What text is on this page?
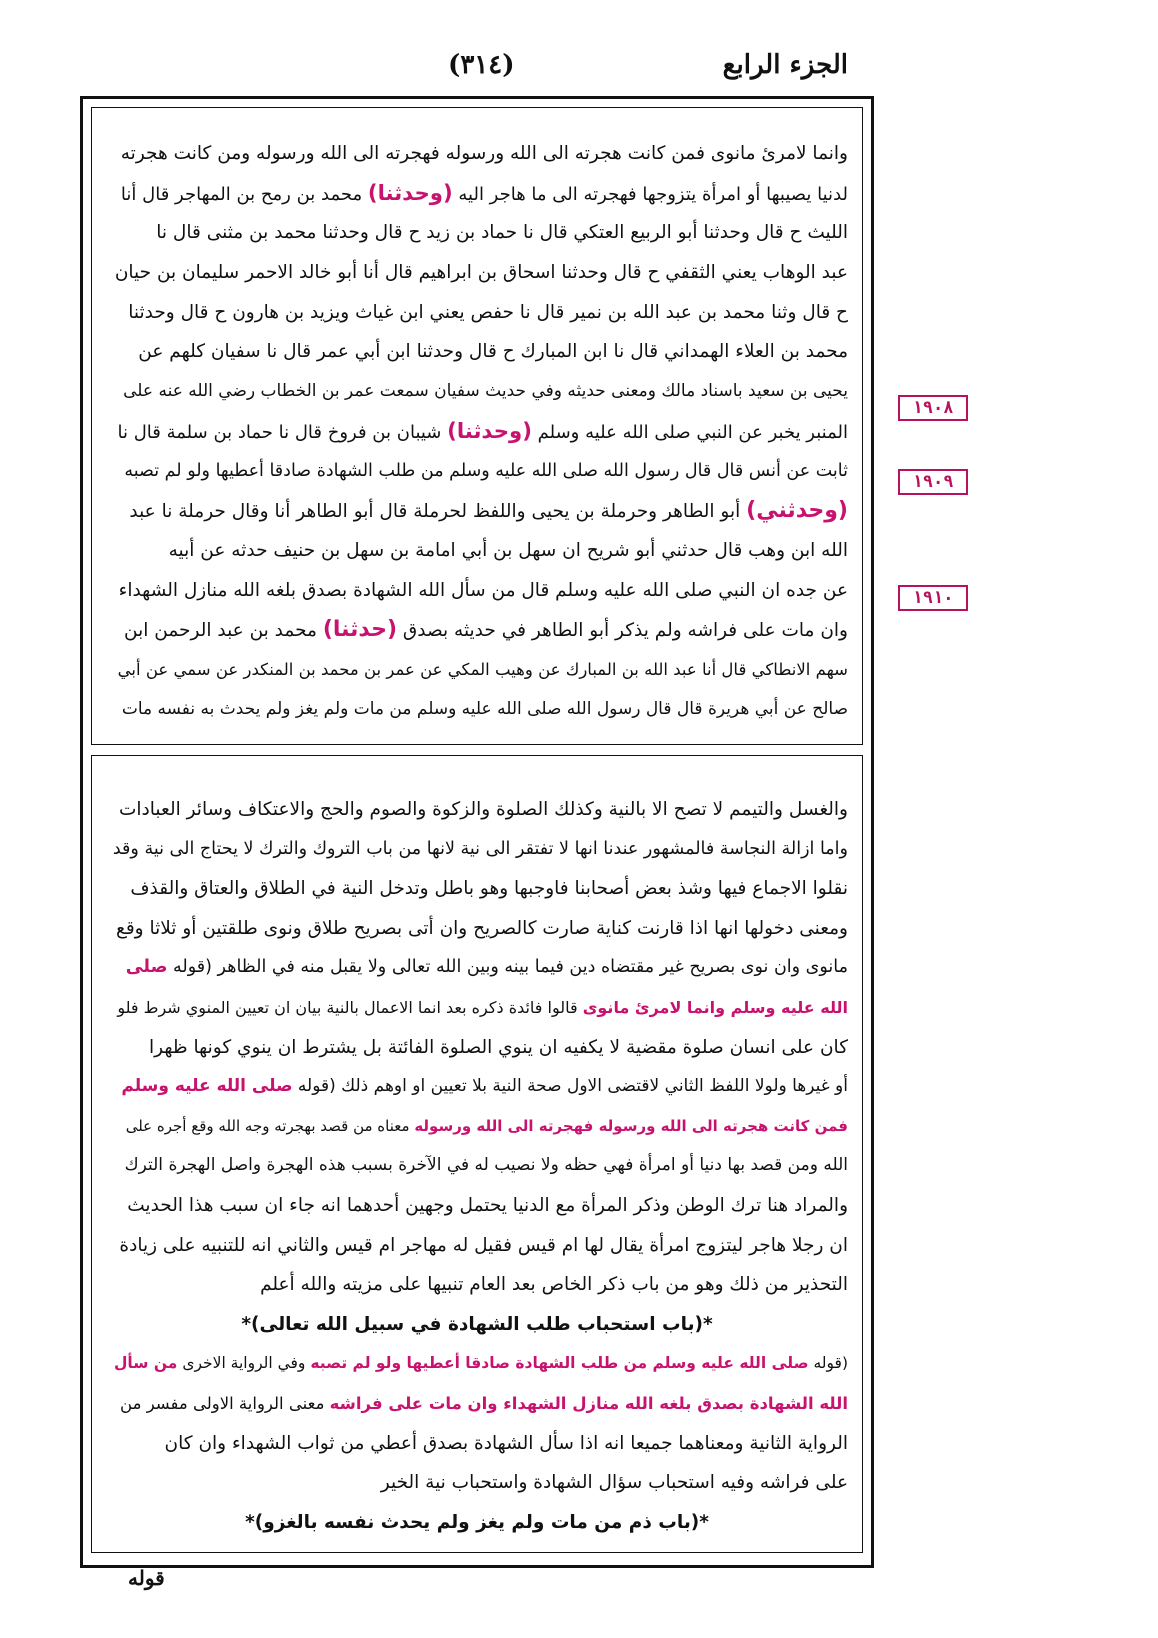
الجزء الرابع
(٣١٤)
وانما لامرئ مانوى فمن كانت هجرته الى الله ورسوله فهجرته الى الله ورسوله ومن كانت هجرته
لدنيا يصيبها أو امرأة يتزوجها فهجرته الى ما هاجر اليه (وحدثنا) محمد بن رمح بن المهاجر قال أنا
الليث ح قال وحدثنا أبو الربيع العتكي قال نا حماد بن زيد ح قال وحدثنا محمد بن مثنى قال نا
عبد الوهاب يعني الثقفي ح قال وحدثنا اسحاق بن ابراهيم قال أنا أبو خالد الاحمر سليمان بن حيان
ح قال وثنا محمد بن عبد الله بن نمير قال نا حفص يعني ابن غياث ويزيد بن هارون ح قال وحدثنا
محمد بن العلاء الهمداني قال نا ابن المبارك ح قال وحدثنا ابن أبي عمر قال نا سفيان كلهم عن
يحيى بن سعيد باسناد مالك ومعنى حديثه وفي حديث سفيان سمعت عمر بن الخطاب رضي الله عنه على
المنبر يخبر عن النبي صلى الله عليه وسلم (وحدثنا) شيبان بن فروخ قال نا حماد بن سلمة قال نا
ثابت عن أنس قال قال رسول الله صلى الله عليه وسلم من طلب الشهادة صادقا أعطيها ولو لم تصبه
(وحدثني) أبو الطاهر وحرملة بن يحيى واللفظ لحرملة قال أبو الطاهر أنا وقال حرملة نا عبد
الله ابن وهب قال حدثني أبو شريح ان سهل بن أبي امامة بن سهل بن حنيف حدثه عن أبيه
عن جده ان النبي صلى الله عليه وسلم قال من سأل الله الشهادة بصدق بلغه الله منازل الشهداء
وان مات على فراشه ولم يذكر أبو الطاهر في حديثه بصدق (حدثنا) محمد بن عبد الرحمن ابن
سهم الانطاكي قال أنا عبد الله بن المبارك عن وهيب المكي عن عمر بن محمد بن المنكدر عن سمي عن أبي
صالح عن أبي هريرة قال قال رسول الله صلى الله عليه وسلم من مات ولم يغز ولم يحدث به نفسه مات
والغسل والتيمم لا تصح الا بالنية وكذلك الصلوة والزكوة والصوم والحج والاعتكاف وسائر العبادات
واما ازالة النجاسة فالمشهور عندنا انها لا تفتقر الى نية لانها من باب التروك والترك لا يحتاج الى نية وقد
نقلوا الاجماع فيها وشذ بعض أصحابنا فاوجبها وهو باطل وتدخل النية في الطلاق والعتاق والقذف
ومعنى دخولها انها اذا قارنت كناية صارت كالصريح وان أتى بصريح طلاق ونوى طلقتين أو ثلاثا وقع
مانوى وان نوى بصريح غير مقتضاه دين فيما بينه وبين الله تعالى ولا يقبل منه في الظاهر (قوله صلى
الله عليه وسلم وانما لامرئ مانوى قالوا فائدة ذكره بعد انما الاعمال بالنية بيان ان تعيين المنوي شرط فلو
كان على انسان صلوة مقضية لا يكفيه ان ينوي الصلوة الفائتة بل يشترط ان ينوي كونها ظهرا
أو غيرها ولولا اللفظ الثاني لاقتضى الاول صحة النية بلا تعيين او اوهم ذلك (قوله صلى الله عليه وسلم
فمن كانت هجرته الى الله ورسوله فهجرته الى الله ورسوله معناه من قصد بهجرته وجه الله وقع أجره على
الله ومن قصد بها دنيا أو امرأة فهي حظه ولا نصيب له في الآخرة بسبب هذه الهجرة واصل الهجرة الترك
والمراد هنا ترك الوطن وذكر المرأة مع الدنيا يحتمل وجهين أحدهما انه جاء ان سبب هذا الحديث
ان رجلا هاجر ليتزوج امرأة يقال لها ام قيس فقيل له مهاجر ام قيس والثاني انه للتنبيه على زيادة
التحذير من ذلك وهو من باب ذكر الخاص بعد العام تنبيها على مزيته والله أعلم
*(باب استحباب طلب الشهادة في سبيل الله تعالى)*
(قوله صلى الله عليه وسلم من طلب الشهادة صادقا أعطيها ولو لم تصبه وفي الرواية الاخرى من سأل
الله الشهادة بصدق بلغه الله منازل الشهداء وان مات على فراشه معنى الرواية الاولى مفسر من
الرواية الثانية ومعناهما جميعا انه اذا سأل الشهادة بصدق أعطي من ثواب الشهداء وان كان
على فراشه وفيه استحباب سؤال الشهادة واستحباب نية الخير
*(باب ذم من مات ولم يغز ولم يحدث نفسه بالغزو)*
١٩٠٨
١٩٠٩
١٩١٠
قوله
